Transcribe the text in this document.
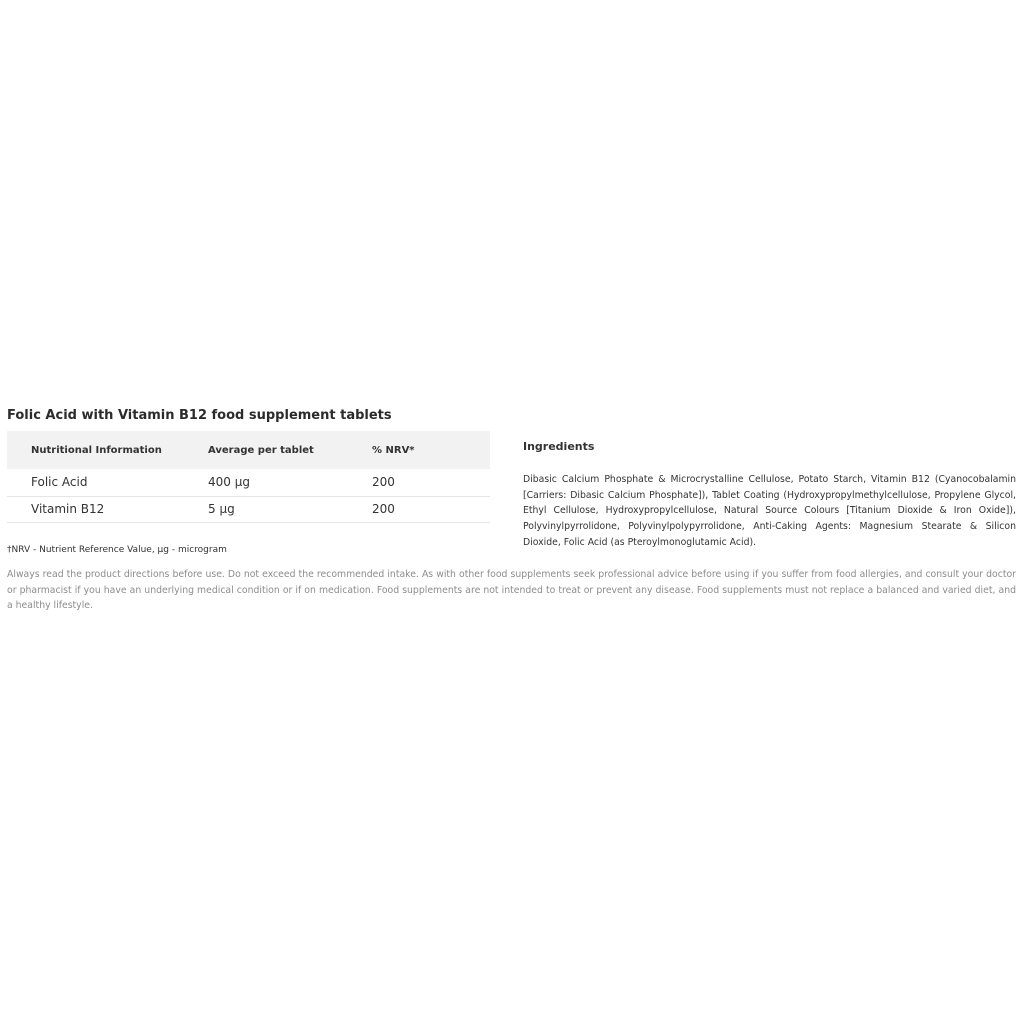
Folic Acid with Vitamin B12 food supplement tablets
Nutritional Information	Average per tablet	% NRV*
Folic Acid	400 µg	200
Vitamin B12	5 µg	200

†NRV - Nutrient Reference Value, µg - microgram

Ingredients

Dibasic Calcium Phosphate & Microcrystalline Cellulose, Potato Starch, Vitamin B12 (Cyanocobalamin [Carriers: Dibasic Calcium Phosphate]), Tablet Coating (Hydroxypropylmethylcellulose, Propylene Glycol, Ethyl Cellulose, Hydroxypropylcellulose, Natural Source Colours [Titanium Dioxide & Iron Oxide]), Polyvinylpyrrolidone, Polyvinylpolypyrrolidone, Anti-Caking Agents: Magnesium Stearate & Silicon Dioxide, Folic Acid (as Pteroylmonoglutamic Acid).

Always read the product directions before use. Do not exceed the recommended intake. As with other food supplements seek professional advice before using if you suffer from food allergies, and consult your doctor or pharmacist if you have an underlying medical condition or if on medication. Food supplements are not intended to treat or prevent any disease. Food supplements must not replace a balanced and varied diet, and a healthy lifestyle.
